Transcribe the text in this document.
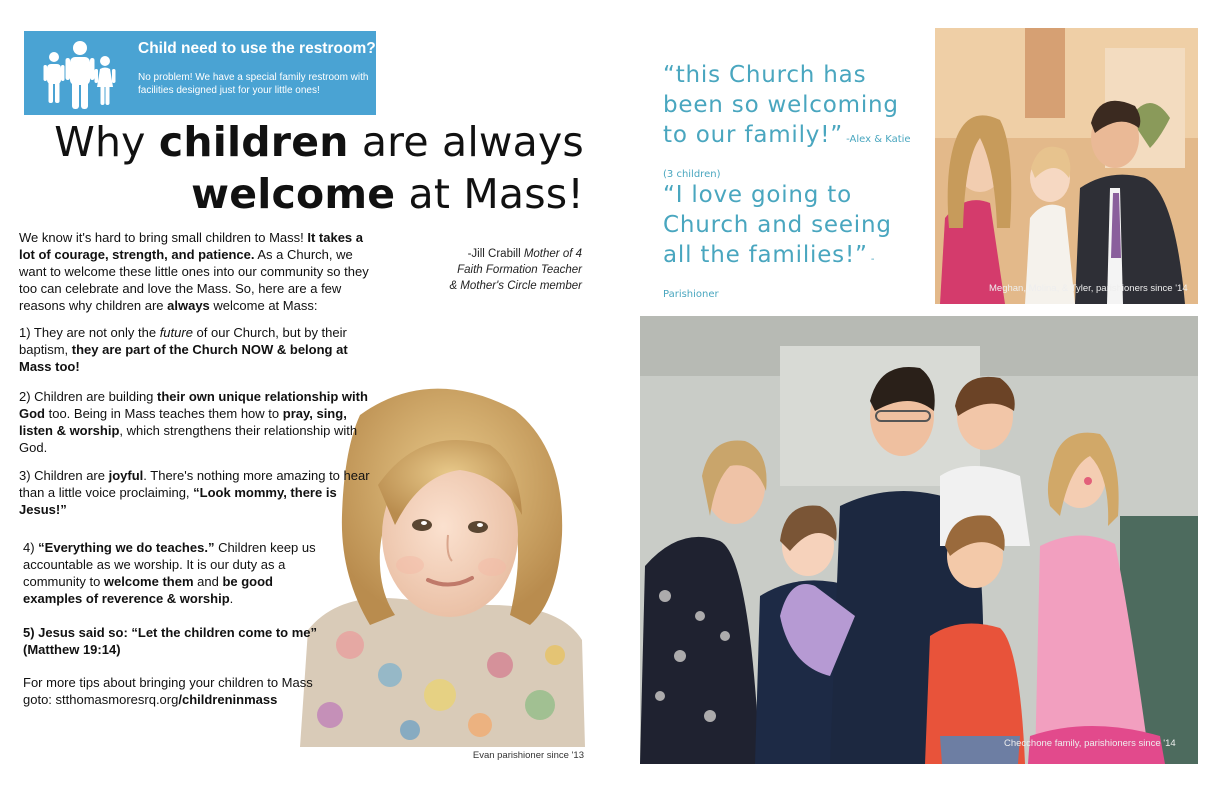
Child need to use the restroom?
No problem! We have a special family restroom with facilities designed just for your little ones!
Why children are always
welcome at Mass!
We know it's hard to bring small children to Mass! It takes a lot of courage, strength, and patience. As a Church, we want to welcome these little ones into our community so they too can celebrate and love the Mass. So, here are a few reasons why children are always welcome at Mass:
-Jill Crabill Mother of 4
Faith Formation Teacher
& Mother's Circle member
1) They are not only the future of our Church, but by their baptism, they are part of the Church NOW & belong at Mass too!
2) Children are building their own unique relationship with God too. Being in Mass teaches them how to pray, sing, listen & worship, which strengthens their relationship with God.
3) Children are joyful. There's nothing more amazing to hear than a little voice proclaiming, “Look mommy, there is Jesus!”
4) “Everything we do teaches.” Children keep us accountable as we worship. It is our duty as a community to welcome them and be good examples of reverence & worship.
5) Jesus said so: “Let the children come to me”
(Matthew 19:14)
For more tips about bringing your children to Mass
goto: stthomasmoresrq.org/childreninmass
Evan parishioner since '13
“this Church has been so welcoming to our family!” -Alex & Katie (3 children)
“I love going to Church and seeing all the families!” -Parishioner
Meghan, Molina, & Tyler, parishioners since '14
Checchone family, parishioners since '14
